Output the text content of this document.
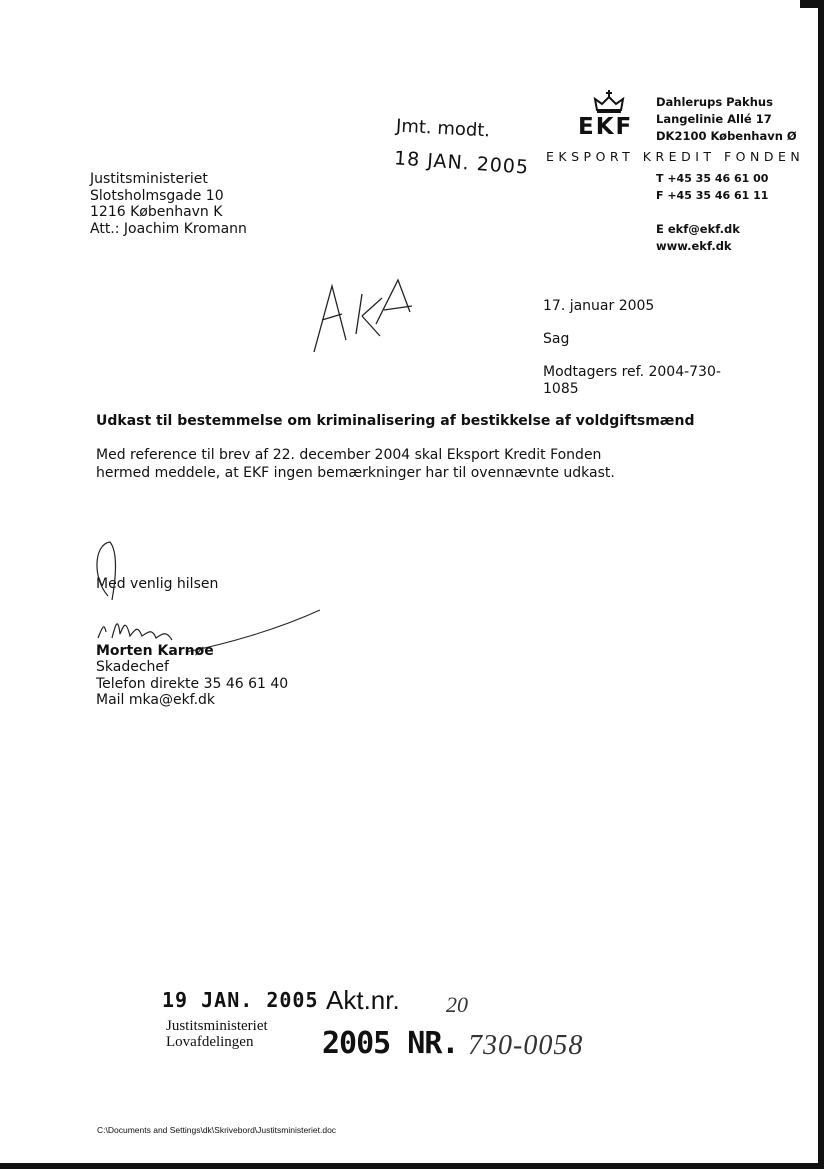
EKF
Dahlerups Pakhus
Langelinie Allé 17
DK2100 København Ø
EKSPORT KREDIT FONDEN
T +45 35 46 61 00
F +45 35 46 61 11
E ekf@ekf.dk
www.ekf.dk
Jmt. modt.
18 JAN. 2005
Justitsministeriet
Slotsholmsgade 10
1216 København K
Att.: Joachim Kromann
17. januar 2005
Sag
Modtagers ref. 2004-730-
1085
Udkast til bestemmelse om kriminalisering af bestikkelse af voldgiftsmænd
Med reference til brev af 22. december 2004 skal Eksport Kredit Fonden
hermed meddele, at EKF ingen bemærkninger har til ovennævnte udkast.
Med venlig hilsen
Morten Karnøe
Skadechef
Telefon direkte 35 46 61 40
Mail mka@ekf.dk
19 JAN. 2005
Justitsministeriet
Lovafdelingen
Akt.nr. 20
2005 NR. 730-0058
C:\Documents and Settings\dk\Skrivebord\Justitsministeriet.doc
